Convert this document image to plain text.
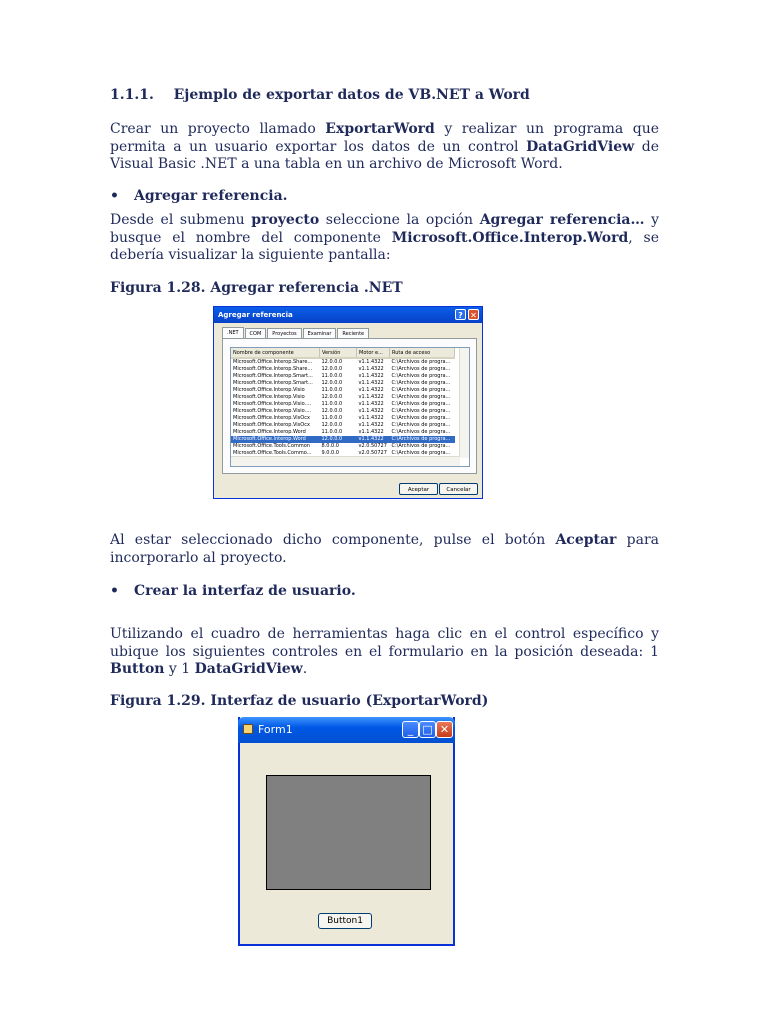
1.1.1. Ejemplo de exportar datos de VB.NET a Word
Crear un proyecto llamado ExportarWord y realizar un programa que permita a un usuario exportar los datos de un control DataGridView de Visual Basic .NET a una tabla en un archivo de Microsoft Word.
• Agregar referencia.
Desde el submenu proyecto seleccione la opción Agregar referencia… y busque el nombre del componente Microsoft.Office.Interop.Word, se debería visualizar la siguiente pantalla:
Figura 1.28. Agregar referencia .NET
Agregar referencia	? ✕
.NET	COM	Proyectos	Examinar	Reciente
Nombre de componente	Versión	Motor e...	Ruta de acceso
Microsoft.Office.Interop.Share...	12.0.0.0	v1.1.4322	C:\Archivos de progra...
Microsoft.Office.Interop.Share...	12.0.0.0	v1.1.4322	C:\Archivos de progra...
Microsoft.Office.Interop.Smart...	11.0.0.0	v1.1.4322	C:\Archivos de progra...
Microsoft.Office.Interop.Smart...	12.0.0.0	v1.1.4322	C:\Archivos de progra...
Microsoft.Office.Interop.Visio	11.0.0.0	v1.1.4322	C:\Archivos de progra...
Microsoft.Office.Interop.Visio	12.0.0.0	v1.1.4322	C:\Archivos de progra...
Microsoft.Office.Interop.Visio....	11.0.0.0	v1.1.4322	C:\Archivos de progra...
Microsoft.Office.Interop.Visio....	12.0.0.0	v1.1.4322	C:\Archivos de progra...
Microsoft.Office.Interop.VisOcx	11.0.0.0	v1.1.4322	C:\Archivos de progra...
Microsoft.Office.Interop.VisOcx	12.0.0.0	v1.1.4322	C:\Archivos de progra...
Microsoft.Office.Interop.Word	11.0.0.0	v1.1.4322	C:\Archivos de progra...
Microsoft.Office.Interop.Word	12.0.0.0	v1.1.4322	C:\Archivos de progra...
Microsoft.Office.Tools.Common	8.0.0.0	v2.0.50727	C:\Archivos de progra...
Microsoft.Office.Tools.Commo...	9.0.0.0	v2.0.50727	C:\Archivos de progra...

Aceptar	Cancelar
Al estar seleccionado dicho componente, pulse el botón Aceptar para incorporarlo al proyecto.
• Crear la interfaz de usuario.
Utilizando el cuadro de herramientas haga clic en el control específico y ubique los siguientes controles en el formulario en la posición deseada: 1 Button y 1 DataGridView.
Figura 1.29. Interfaz de usuario (ExportarWord)
Form1	_ □ ✕
Button1
